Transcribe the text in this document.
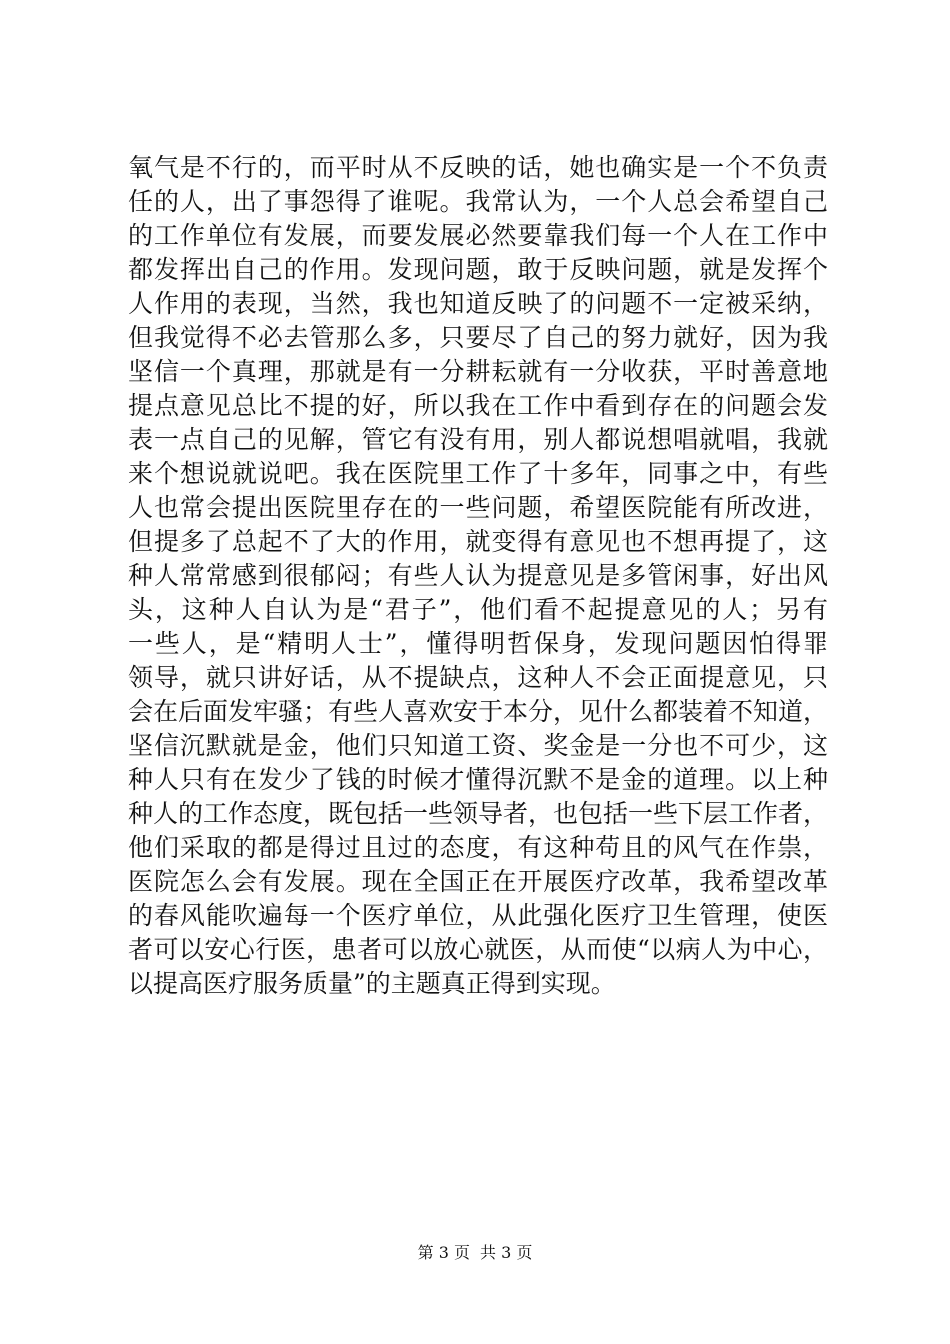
氧气是不行的，而平时从不反映的话，她也确实是一个不负责
任的人，出了事怨得了谁呢。我常认为，一个人总会希望自己
的工作单位有发展，而要发展必然要靠我们每一个人在工作中
都发挥出自己的作用。发现问题，敢于反映问题，就是发挥个
人作用的表现，当然，我也知道反映了的问题不一定被采纳，
但我觉得不必去管那么多，只要尽了自己的努力就好，因为我
坚信一个真理，那就是有一分耕耘就有一分收获，平时善意地
提点意见总比不提的好，所以我在工作中看到存在的问题会发
表一点自己的见解，管它有没有用，别人都说想唱就唱，我就
来个想说就说吧。我在医院里工作了十多年，同事之中，有些
人也常会提出医院里存在的一些问题，希望医院能有所改进，
但提多了总起不了大的作用，就变得有意见也不想再提了，这
种人常常感到很郁闷；有些人认为提意见是多管闲事，好出风
头，这种人自认为是“君子”，他们看不起提意见的人；另有
一些人，是“精明人士”，懂得明哲保身，发现问题因怕得罪
领导，就只讲好话，从不提缺点，这种人不会正面提意见，只
会在后面发牢骚；有些人喜欢安于本分，见什么都装着不知道，
坚信沉默就是金，他们只知道工资、奖金是一分也不可少，这
种人只有在发少了钱的时候才懂得沉默不是金的道理。以上种
种人的工作态度，既包括一些领导者，也包括一些下层工作者，
他们采取的都是得过且过的态度，有这种苟且的风气在作祟，
医院怎么会有发展。现在全国正在开展医疗改革，我希望改革
的春风能吹遍每一个医疗单位，从此强化医疗卫生管理，使医
者可以安心行医，患者可以放心就医，从而使“以病人为中心，
以提高医疗服务质量”的主题真正得到实现。
第 3 页 共 3 页
